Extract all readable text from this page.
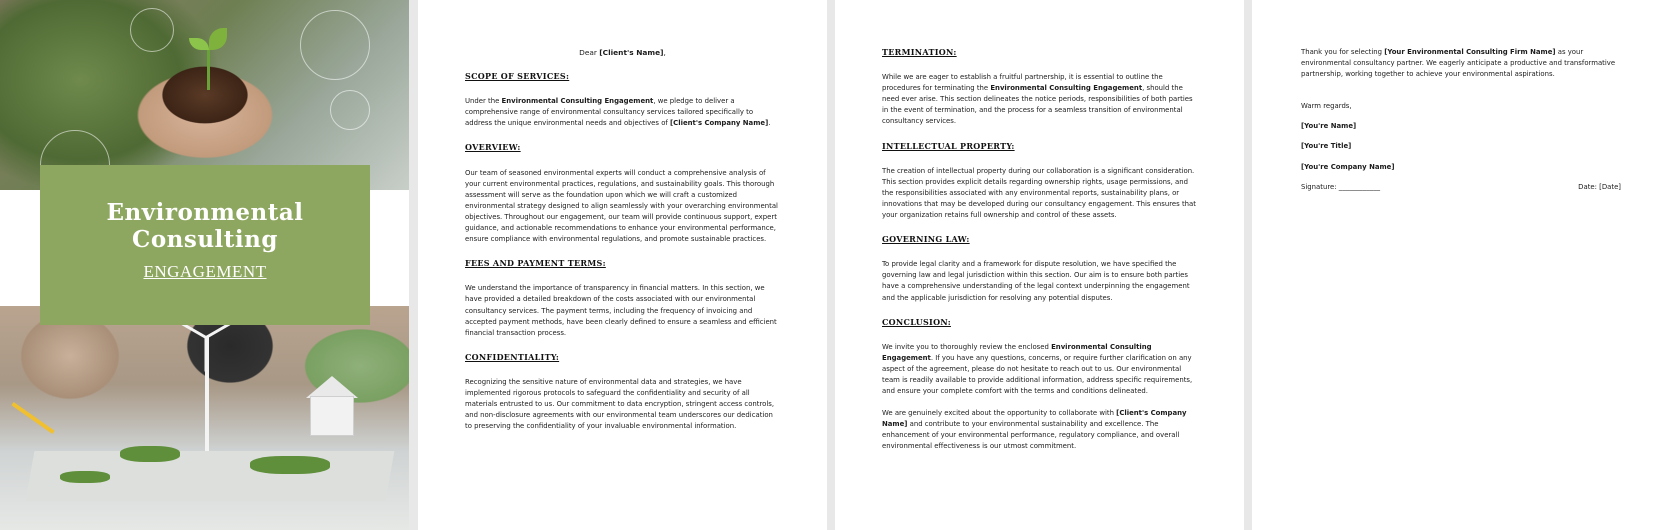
Environmental
Consulting
ENGAGEMENT
Dear [Client's Name],
SCOPE OF SERVICES:
Under the Environmental Consulting Engagement, we pledge to deliver a comprehensive range of environmental consultancy services tailored specifically to address the unique environmental needs and objectives of [Client's Company Name].
OVERVIEW:
Our team of seasoned environmental experts will conduct a comprehensive analysis of your current environmental practices, regulations, and sustainability goals. This thorough assessment will serve as the foundation upon which we will craft a customized environmental strategy designed to align seamlessly with your overarching environmental objectives. Throughout our engagement, our team will provide continuous support, expert guidance, and actionable recommendations to enhance your environmental performance, ensure compliance with environmental regulations, and promote sustainable practices.
FEES AND PAYMENT TERMS:
We understand the importance of transparency in financial matters. In this section, we have provided a detailed breakdown of the costs associated with our environmental consultancy services. The payment terms, including the frequency of invoicing and accepted payment methods, have been clearly defined to ensure a seamless and efficient financial transaction process.
CONFIDENTIALITY:
Recognizing the sensitive nature of environmental data and strategies, we have implemented rigorous protocols to safeguard the confidentiality and security of all materials entrusted to us. Our commitment to data encryption, stringent access controls, and non-disclosure agreements with our environmental team underscores our dedication to preserving the confidentiality of your invaluable environmental information.
TERMINATION:
While we are eager to establish a fruitful partnership, it is essential to outline the procedures for terminating the Environmental Consulting Engagement, should the need ever arise. This section delineates the notice periods, responsibilities of both parties in the event of termination, and the process for a seamless transition of environmental consultancy services.
INTELLECTUAL PROPERTY:
The creation of intellectual property during our collaboration is a significant consideration. This section provides explicit details regarding ownership rights, usage permissions, and the responsibilities associated with any environmental reports, sustainability plans, or innovations that may be developed during our consultancy engagement. This ensures that your organization retains full ownership and control of these assets.
GOVERNING LAW:
To provide legal clarity and a framework for dispute resolution, we have specified the governing law and legal jurisdiction within this section. Our aim is to ensure both parties have a comprehensive understanding of the legal context underpinning the engagement and the applicable jurisdiction for resolving any potential disputes.
CONCLUSION:
We invite you to thoroughly review the enclosed Environmental Consulting Engagement. If you have any questions, concerns, or require further clarification on any aspect of the agreement, please do not hesitate to reach out to us. Our environmental team is readily available to provide additional information, address specific requirements, and ensure your complete comfort with the terms and conditions delineated.
We are genuinely excited about the opportunity to collaborate with [Client's Company Name] and contribute to your environmental sustainability and excellence. The enhancement of your environmental performance, regulatory compliance, and overall environmental effectiveness is our utmost commitment.
Thank you for selecting [Your Environmental Consulting Firm Name] as your environmental consultancy partner. We eagerly anticipate a productive and transformative partnership, working together to achieve your environmental aspirations.
Warm regards,
[You're Name]
[You're Title]
[You're Company Name]
Signature: ____________	Date: [Date]
